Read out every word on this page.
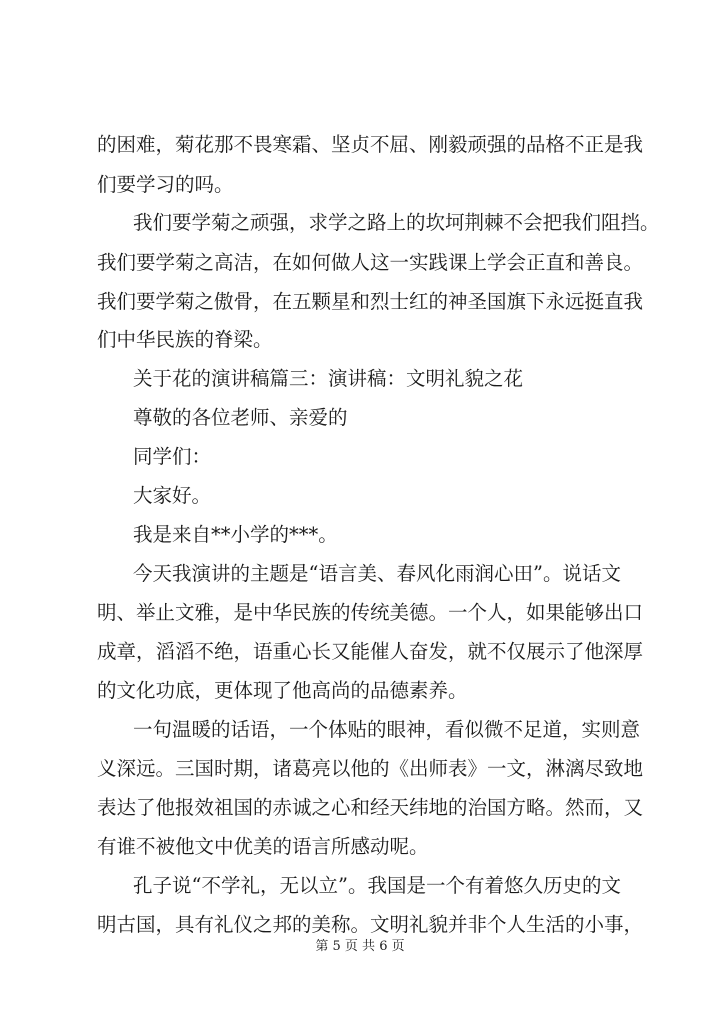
的困难，菊花那不畏寒霜、坚贞不屈、刚毅顽强的品格不正是我
们要学习的吗。
我们要学菊之顽强，求学之路上的坎坷荆棘不会把我们阻挡。
我们要学菊之高洁，在如何做人这一实践课上学会正直和善良。
我们要学菊之傲骨，在五颗星和烈士红的神圣国旗下永远挺直我
们中华民族的脊梁。
关于花的演讲稿篇三：演讲稿：文明礼貌之花
尊敬的各位老师、亲爱的
同学们：
大家好。
我是来自**小学的***。
今天我演讲的主题是“语言美、春风化雨润心田”。说话文
明、举止文雅，是中华民族的传统美德。一个人，如果能够出口
成章，滔滔不绝，语重心长又能催人奋发，就不仅展示了他深厚
的文化功底，更体现了他高尚的品德素养。
一句温暖的话语，一个体贴的眼神，看似微不足道，实则意
义深远。三国时期，诸葛亮以他的《出师表》一文，淋漓尽致地
表达了他报效祖国的赤诚之心和经天纬地的治国方略。然而，又
有谁不被他文中优美的语言所感动呢。
孔子说“不学礼，无以立”。我国是一个有着悠久历史的文
明古国，具有礼仪之邦的美称。文明礼貌并非个人生活的小事，
第 5 页 共 6 页
